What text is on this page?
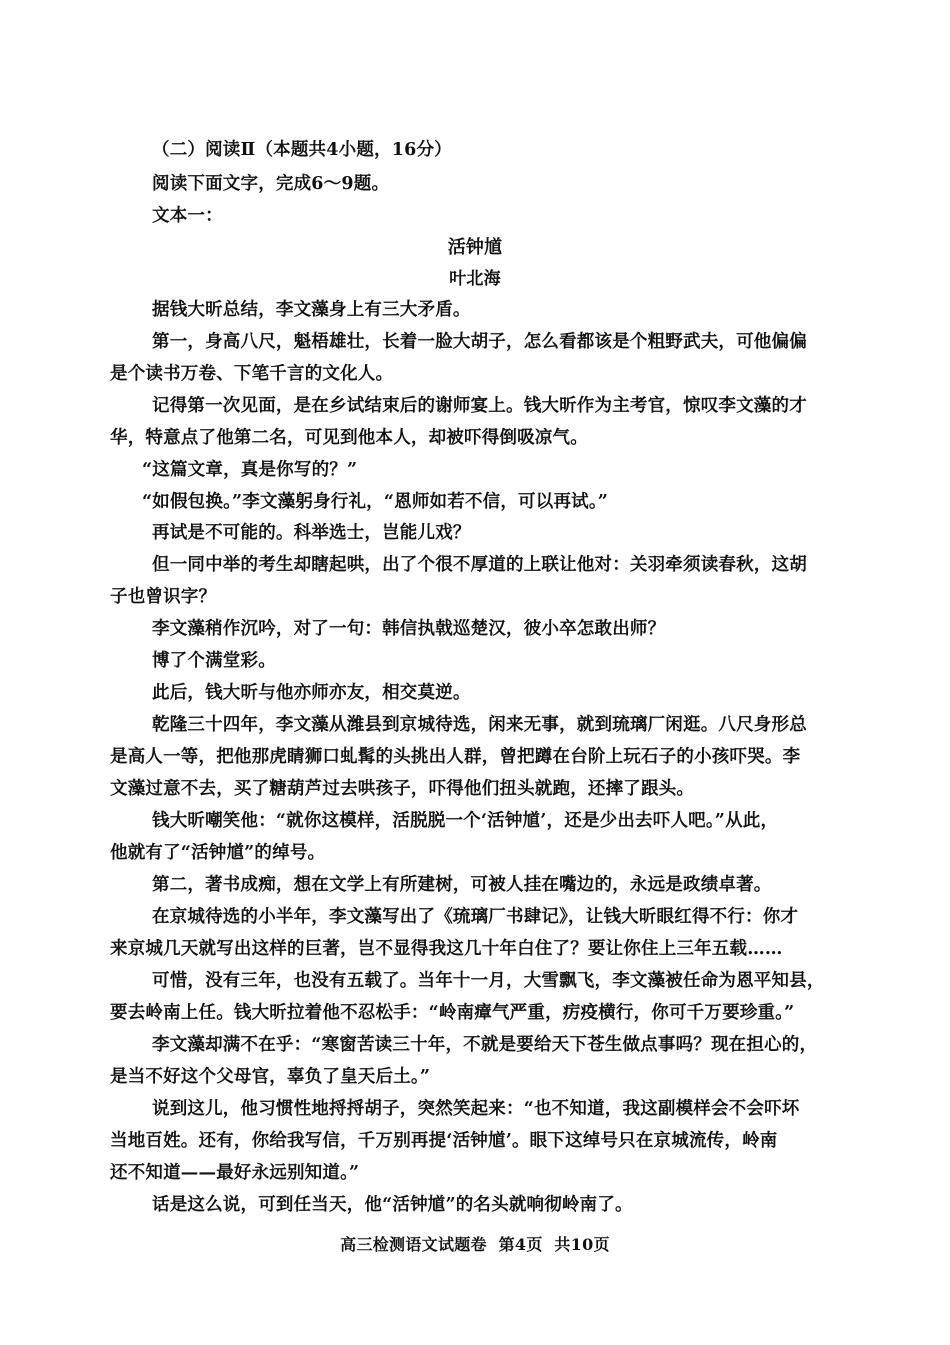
（二）阅读Ⅱ（本题共4小题，16分）
阅读下面文字，完成6～9题。
文本一：
活钟馗
叶北海
据钱大昕总结，李文藻身上有三大矛盾。
第一，身高八尺，魁梧雄壮，长着一脸大胡子，怎么看都该是个粗野武夫，可他偏偏
是个读书万卷、下笔千言的文化人。
记得第一次见面，是在乡试结束后的谢师宴上。钱大昕作为主考官，惊叹李文藻的才
华，特意点了他第二名，可见到他本人，却被吓得倒吸凉气。
“这篇文章，真是你写的？”
“如假包换。”李文藻躬身行礼，“恩师如若不信，可以再试。”
再试是不可能的。科举选士，岂能儿戏？
但一同中举的考生却瞎起哄，出了个很不厚道的上联让他对：关羽牵须读春秋，这胡
子也曾识字？
李文藻稍作沉吟，对了一句：韩信执戟巡楚汉，彼小卒怎敢出师？
博了个满堂彩。
此后，钱大昕与他亦师亦友，相交莫逆。
乾隆三十四年，李文藻从潍县到京城待选，闲来无事，就到琉璃厂闲逛。八尺身形总
是高人一等，把他那虎睛狮口虬髯的头挑出人群，曾把蹲在台阶上玩石子的小孩吓哭。李
文藻过意不去，买了糖葫芦过去哄孩子，吓得他们扭头就跑，还摔了跟头。
钱大昕嘲笑他：“就你这模样，活脱脱一个‘活钟馗’，还是少出去吓人吧。”从此，
他就有了“活钟馗”的绰号。
第二，著书成痴，想在文学上有所建树，可被人挂在嘴边的，永远是政绩卓著。
在京城待选的小半年，李文藻写出了《琉璃厂书肆记》，让钱大昕眼红得不行：你才
来京城几天就写出这样的巨著，岂不显得我这几十年白住了？要让你住上三年五载……
可惜，没有三年，也没有五载了。当年十一月，大雪飘飞，李文藻被任命为恩平知县，
要去岭南上任。钱大昕拉着他不忍松手：“岭南瘴气严重，疠疫横行，你可千万要珍重。”
李文藻却满不在乎：“寒窗苦读三十年，不就是要给天下苍生做点事吗？现在担心的，
是当不好这个父母官，辜负了皇天后土。”
说到这儿，他习惯性地捋捋胡子，突然笑起来：“也不知道，我这副模样会不会吓坏
当地百姓。还有，你给我写信，千万别再提‘活钟馗’。眼下这绰号只在京城流传，岭南
还不知道——最好永远别知道。”
话是这么说，可到任当天，他“活钟馗”的名头就响彻岭南了。
高三检测语文试题卷  第4页  共10页
